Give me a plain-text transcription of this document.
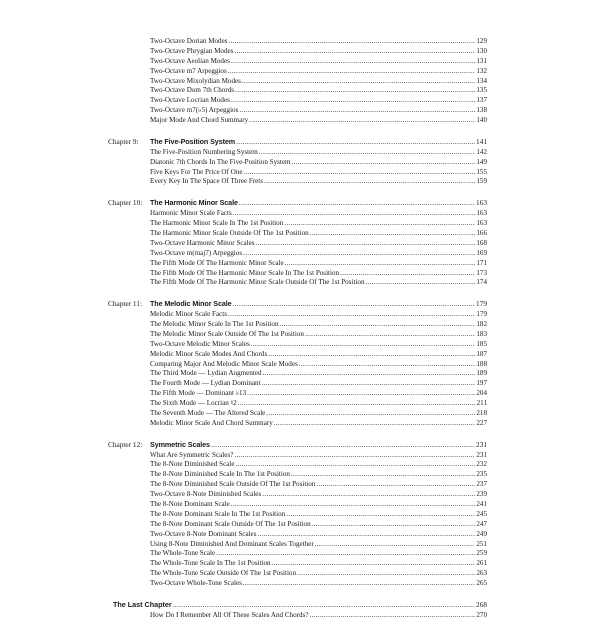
Two-Octave Dorian Modes .....	129
Two-Octave Phrygian Modes .....	130
Two-Octave Aeolian Modes .....	131
Two-Octave m7 Arpeggios .....	132
Two-Octave Mixolydian Modes .....	134
Two-Octave Dom 7th Chords .....	135
Two-Octave Locrian Modes .....	137
Two-Octave m7(♭5) Arpeggios .....	138
Major Mode And Chord Summary .....	140
Chapter 9: The Five-Position System .....	141
The Five-Position Numbering System .....	142
Diatonic 7th Chords In The Five-Position System .....	149
Five Keys For The Price Of One .....	155
Every Key In The Space Of Three Frets .....	159
Chapter 10: The Harmonic Minor Scale .....	163
Harmonic Minor Scale Facts .....	163
The Harmonic Minor Scale In The 1st Position .....	163
The Harmonic Minor Scale Outside Of The 1st Position .....	166
Two-Octave Harmonic Minor Scales .....	168
Two-Octave m(maj7) Arpeggios .....	169
The Fifth Mode Of The Harmonic Minor Scale .....	171
The Fifth Mode Of The Harmonic Minor Scale In The 1st Position .....	173
The Fifth Mode Of The Harmonic Minor Scale Outside Of The 1st Position .....	174
Chapter 11: The Melodic Minor Scale .....	179
Melodic Minor Scale Facts .....	179
The Melodic Minor Scale In The 1st Position .....	182
The Melodic Minor Scale Outside Of The 1st Position .....	183
Two-Octave Melodic Minor Scales .....	185
Melodic Minor Scale Modes And Chords .....	187
Comparing Major And Melodic Minor Scale Modes .....	188
The Third Mode — Lydian Augmented .....	189
The Fourth Mode — Lydian Dominant .....	197
The Fifth Mode — Dominant ♭13 .....	204
The Sixth Mode — Locrian ♮2 .....	211
The Seventh Mode — The Altered Scale .....	218
Melodic Minor Scale And Chord Summary .....	227
Chapter 12: Symmetric Scales .....	231
What Are Symmetric Scales? .....	231
The 8-Note Diminished Scale .....	232
The 8-Note Diminished Scale In The 1st Position .....	235
The 8-Note Diminished Scale Outside Of The 1st Position .....	237
Two-Octave 8-Note Diminished Scales .....	239
The 8-Note Dominant Scale .....	241
The 8-Note Dominant Scale In The 1st Position .....	245
The 8-Note Dominant Scale Outside Of The 1st Position .....	247
Two-Octave 8-Note Dominant Scales .....	249
Using 8-Note Diminished And Dominant Scales Together .....	251
The Whole-Tone Scale .....	259
The Whole-Tone Scale In The 1st Position .....	261
The Whole-Tone Scale Outside Of The 1st Position .....	263
Two-Octave Whole-Tone Scales .....	265
The Last Chapter .....	268
How Do I Remember All Of These Scales And Chords? .....	270
